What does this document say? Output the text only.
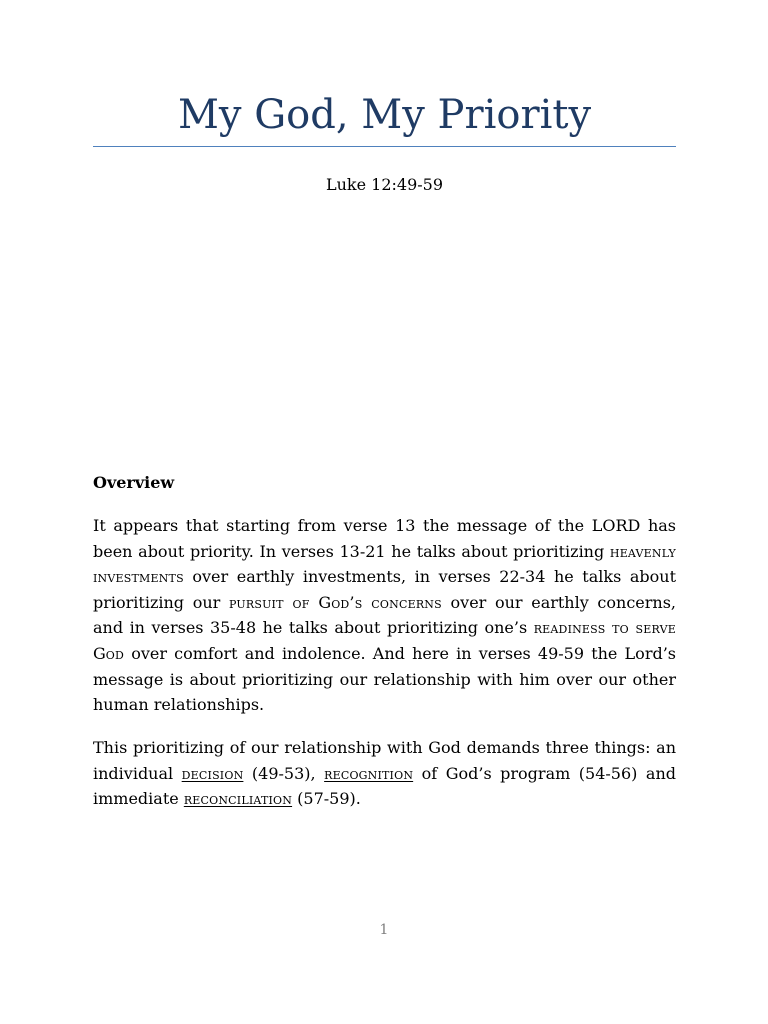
My God, My Priority
Luke 12:49-59
Overview

It appears that starting from verse 13 the message of the LORD has been about priority. In verses 13-21 he talks about prioritizing heavenly investments over earthly investments, in verses 22-34 he talks about prioritizing our pursuit of God’s concerns over our earthly concerns, and in verses 35-48 he talks about prioritizing one’s readiness to serve God over comfort and indolence. And here in verses 49-59 the Lord’s message is about prioritizing our relationship with him over our other human relationships.

This prioritizing of our relationship with God demands three things: an individual decision (49-53), recognition of God’s program (54-56) and immediate reconciliation (57-59).

1
